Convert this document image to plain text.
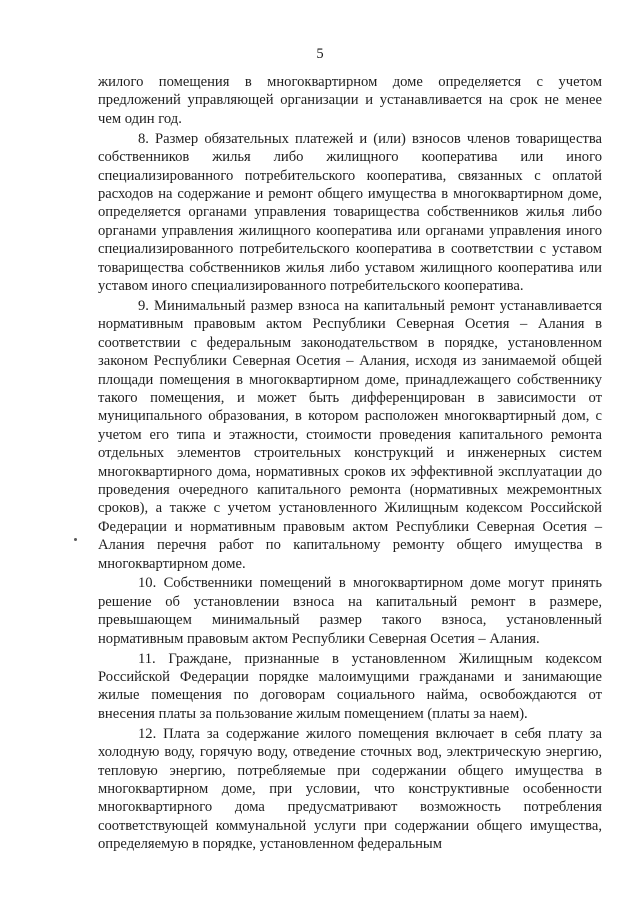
5

жилого помещения в многоквартирном доме определяется с учетом предложений управляющей организации и устанавливается на срок не менее чем один год.

8. Размер обязательных платежей и (или) взносов членов товарищества собственников жилья либо жилищного кооператива или иного специализированного потребительского кооператива, связанных с оплатой расходов на содержание и ремонт общего имущества в многоквартирном доме, определяется органами управления товарищества собственников жилья либо органами управления жилищного кооператива или органами управления иного специализированного потребительского кооператива в соответствии с уставом товарищества собственников жилья либо уставом жилищного кооператива или уставом иного специализированного потребительского кооператива.

9. Минимальный размер взноса на капитальный ремонт устанавливается нормативным правовым актом Республики Северная Осетия – Алания в соответствии с федеральным законодательством в порядке, установленном законом Республики Северная Осетия – Алания, исходя из занимаемой общей площади помещения в многоквартирном доме, принадлежащего собственнику такого помещения, и может быть дифференцирован в зависимости от муниципального образования, в котором расположен многоквартирный дом, с учетом его типа и этажности, стоимости проведения капитального ремонта отдельных элементов строительных конструкций и инженерных систем многоквартирного дома, нормативных сроков их эффективной эксплуатации до проведения очередного капитального ремонта (нормативных межремонтных сроков), а также с учетом установленного Жилищным кодексом Российской Федерации и нормативным правовым актом Республики Северная Осетия – Алания перечня работ по капитальному ремонту общего имущества в многоквартирном доме.

10. Собственники помещений в многоквартирном доме могут принять решение об установлении взноса на капитальный ремонт в размере, превышающем минимальный размер такого взноса, установленный нормативным правовым актом Республики Северная Осетия – Алания.

11. Граждане, признанные в установленном Жилищным кодексом Российской Федерации порядке малоимущими гражданами и занимающие жилые помещения по договорам социального найма, освобождаются от внесения платы за пользование жилым помещением (платы за наем).

12. Плата за содержание жилого помещения включает в себя плату за холодную воду, горячую воду, отведение сточных вод, электрическую энергию, тепловую энергию, потребляемые при содержании общего имущества в многоквартирном доме, при условии, что конструктивные особенности многоквартирного дома предусматривают возможность потребления соответствующей коммунальной услуги при содержании общего имущества, определяемую в порядке, установленном федеральным
